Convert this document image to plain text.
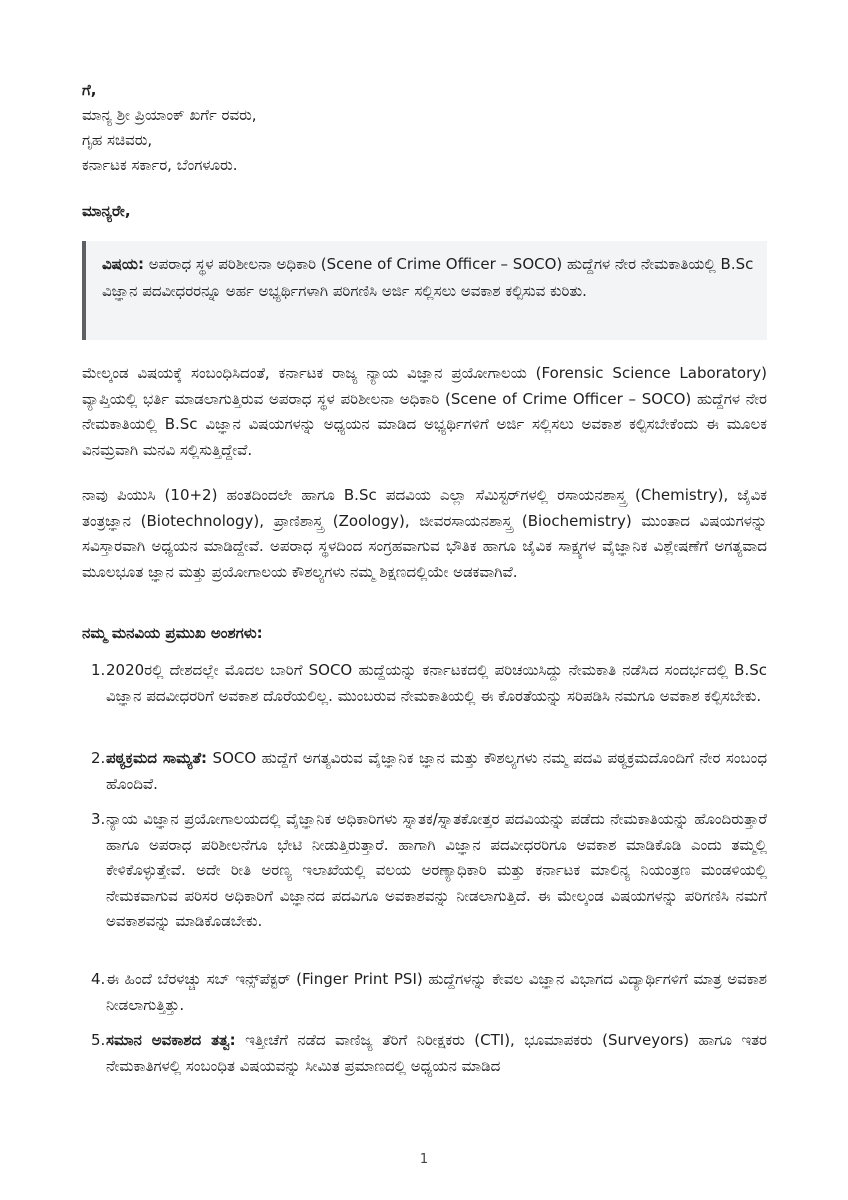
ಗೆ,
ಮಾನ್ಯ ಶ್ರೀ ಪ್ರಿಯಾಂಕ್ ಖರ್ಗೆ ರವರು,
ಗೃಹ ಸಚಿವರು,
ಕರ್ನಾಟಕ ಸರ್ಕಾರ, ಬೆಂಗಳೂರು.
ಮಾನ್ಯರೇ,

ವಿಷಯ: ಅಪರಾಧ ಸ್ಥಳ ಪರಿಶೀಲನಾ ಅಧಿಕಾರಿ (Scene of Crime Officer – SOCO) ಹುದ್ದೆಗಳ ನೇರ ನೇಮಕಾತಿಯಲ್ಲಿ B.Sc ವಿಜ್ಞಾನ ಪದವೀಧರರನ್ನೂ ಅರ್ಹ ಅಭ್ಯರ್ಥಿಗಳಾಗಿ ಪರಿಗಣಿಸಿ ಅರ್ಜಿ ಸಲ್ಲಿಸಲು ಅವಕಾಶ ಕಲ್ಪಿಸುವ ಕುರಿತು.

ಮೇಲ್ಕಂಡ ವಿಷಯಕ್ಕೆ ಸಂಬಂಧಿಸಿದಂತೆ, ಕರ್ನಾಟಕ ರಾಜ್ಯ ನ್ಯಾಯ ವಿಜ್ಞಾನ ಪ್ರಯೋಗಾಲಯ (Forensic Science Laboratory) ವ್ಯಾಪ್ತಿಯಲ್ಲಿ ಭರ್ತಿ ಮಾಡಲಾಗುತ್ತಿರುವ ಅಪರಾಧ ಸ್ಥಳ ಪರಿಶೀಲನಾ ಅಧಿಕಾರಿ (Scene of Crime Officer – SOCO) ಹುದ್ದೆಗಳ ನೇರ ನೇಮಕಾತಿಯಲ್ಲಿ B.Sc ವಿಜ್ಞಾನ ವಿಷಯಗಳನ್ನು ಅಧ್ಯಯನ ಮಾಡಿದ ಅಭ್ಯರ್ಥಿಗಳಿಗೆ ಅರ್ಜಿ ಸಲ್ಲಿಸಲು ಅವಕಾಶ ಕಲ್ಪಿಸಬೇಕೆಂದು ಈ ಮೂಲಕ ವಿನಮ್ರವಾಗಿ ಮನವಿ ಸಲ್ಲಿಸುತ್ತಿದ್ದೇವೆ.

ನಾವು ಪಿಯುಸಿ (10+2) ಹಂತದಿಂದಲೇ ಹಾಗೂ B.Sc ಪದವಿಯ ಎಲ್ಲಾ ಸೆಮಿಸ್ಟರ್‌ಗಳಲ್ಲಿ ರಸಾಯನಶಾಸ್ತ್ರ (Chemistry), ಜೈವಿಕ ತಂತ್ರಜ್ಞಾನ (Biotechnology), ಪ್ರಾಣಿಶಾಸ್ತ್ರ (Zoology), ಜೀವರಸಾಯನಶಾಸ್ತ್ರ (Biochemistry) ಮುಂತಾದ ವಿಷಯಗಳನ್ನು ಸವಿಸ್ತಾರವಾಗಿ ಅಧ್ಯಯನ ಮಾಡಿದ್ದೇವೆ. ಅಪರಾಧ ಸ್ಥಳದಿಂದ ಸಂಗ್ರಹವಾಗುವ ಭೌತಿಕ ಹಾಗೂ ಜೈವಿಕ ಸಾಕ್ಷ್ಯಗಳ ವೈಜ್ಞಾನಿಕ ವಿಶ್ಲೇಷಣೆಗೆ ಅಗತ್ಯವಾದ ಮೂಲಭೂತ ಜ್ಞಾನ ಮತ್ತು ಪ್ರಯೋಗಾಲಯ ಕೌಶಲ್ಯಗಳು ನಮ್ಮ ಶಿಕ್ಷಣದಲ್ಲಿಯೇ ಅಡಕವಾಗಿವೆ.

ನಮ್ಮ ಮನವಿಯ ಪ್ರಮುಖ ಅಂಶಗಳು:
1. 2020ರಲ್ಲಿ ದೇಶದಲ್ಲೇ ಮೊದಲ ಬಾರಿಗೆ SOCO ಹುದ್ದೆಯನ್ನು ಕರ್ನಾಟಕದಲ್ಲಿ ಪರಿಚಯಿಸಿದ್ದು ನೇಮಕಾತಿ ನಡೆಸಿದ ಸಂದರ್ಭದಲ್ಲಿ B.Sc ವಿಜ್ಞಾನ ಪದವೀಧರರಿಗೆ ಅವಕಾಶ ದೊರೆಯಲಿಲ್ಲ. ಮುಂಬರುವ ನೇಮಕಾತಿಯಲ್ಲಿ ಈ ಕೊರತೆಯನ್ನು ಸರಿಪಡಿಸಿ ನಮಗೂ ಅವಕಾಶ ಕಲ್ಪಿಸಬೇಕು.
2. ಪಠ್ಯಕ್ರಮದ ಸಾಮ್ಯತೆ: SOCO ಹುದ್ದೆಗೆ ಅಗತ್ಯವಿರುವ ವೈಜ್ಞಾನಿಕ ಜ್ಞಾನ ಮತ್ತು ಕೌಶಲ್ಯಗಳು ನಮ್ಮ ಪದವಿ ಪಠ್ಯಕ್ರಮದೊಂದಿಗೆ ನೇರ ಸಂಬಂಧ ಹೊಂದಿವೆ.
3. ನ್ಯಾಯ ವಿಜ್ಞಾನ ಪ್ರಯೋಗಾಲಯದಲ್ಲಿ ವೈಜ್ಞಾನಿಕ ಅಧಿಕಾರಿಗಳು ಸ್ನಾತಕ/ಸ್ನಾತಕೋತ್ತರ ಪದವಿಯನ್ನು ಪಡೆದು ನೇಮಕಾತಿಯನ್ನು ಹೊಂದಿರುತ್ತಾರೆ ಹಾಗೂ ಅಪರಾಧ ಪರಿಶೀಲನೆಗೂ ಭೇಟಿ ನೀಡುತ್ತಿರುತ್ತಾರೆ. ಹಾಗಾಗಿ ವಿಜ್ಞಾನ ಪದವೀಧರರಿಗೂ ಅವಕಾಶ ಮಾಡಿಕೊಡಿ ಎಂದು ತಮ್ಮಲ್ಲಿ ಕೇಳಿಕೊಳ್ಳುತ್ತೇವೆ. ಅದೇ ರೀತಿ ಅರಣ್ಯ ಇಲಾಖೆಯಲ್ಲಿ ವಲಯ ಅರಣ್ಯಾಧಿಕಾರಿ ಮತ್ತು ಕರ್ನಾಟಕ ಮಾಲಿನ್ಯ ನಿಯಂತ್ರಣ ಮಂಡಳಿಯಲ್ಲಿ ನೇಮಕವಾಗುವ ಪರಿಸರ ಅಧಿಕಾರಿಗೆ ವಿಜ್ಞಾನದ ಪದವಿಗೂ ಅವಕಾಶವನ್ನು ನೀಡಲಾಗುತ್ತಿದೆ. ಈ ಮೇಲ್ಕಂಡ ವಿಷಯಗಳನ್ನು ಪರಿಗಣಿಸಿ ನಮಗೆ ಅವಕಾಶವನ್ನು ಮಾಡಿಕೊಡಬೇಕು.
4. ಈ ಹಿಂದೆ ಬೆರಳಚ್ಚು ಸಬ್ ಇನ್ಸ್‌ಪೆಕ್ಟರ್ (Finger Print PSI) ಹುದ್ದೆಗಳನ್ನು ಕೇವಲ ವಿಜ್ಞಾನ ವಿಭಾಗದ ವಿದ್ಯಾರ್ಥಿಗಳಿಗೆ ಮಾತ್ರ ಅವಕಾಶ ನೀಡಲಾಗುತ್ತಿತ್ತು.
5. ಸಮಾನ ಅವಕಾಶದ ತತ್ವ: ಇತ್ತೀಚೆಗೆ ನಡೆದ ವಾಣಿಜ್ಯ ತೆರಿಗೆ ನಿರೀಕ್ಷಕರು (CTI), ಭೂಮಾಪಕರು (Surveyors) ಹಾಗೂ ಇತರ ನೇಮಕಾತಿಗಳಲ್ಲಿ ಸಂಬಂಧಿತ ವಿಷಯವನ್ನು ಸೀಮಿತ ಪ್ರಮಾಣದಲ್ಲಿ ಅಧ್ಯಯನ ಮಾಡಿದ
1
